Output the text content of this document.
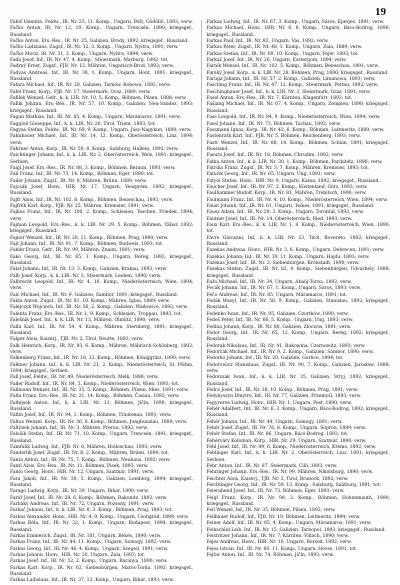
19

Fabiš Valentin, Feldw., IR. Nr. 23, 11. Komp., Ungarn, Pešt, Gödöllő, 1893; verw.

Fačko Anton, IR. Nr. 12, 10. Komp., Ungarn, Trencsén, 1890; kriegsgef., Russland.

Fačko Anton, Ers.-Res., IR. Nr. 25, Galizien, Brody, 1892; kriegsgef., Russland.

Fačko Ladislaus, Zugsf., IR. Nr. 12, 3. Komp., Ungarn, Nyitra, 1891; verw.

Fačko Moriz, IR. Nr. 31, 2. Komp., Ungarn, Nyitra, 1894; verw.

Faďa Josef, Inf., IR. Nr. 47, 4. Komp., Steiermark, Marburg, 1892; tot.

Fadrný Ernst, Zugsf., FJB. Nr. 12, Mähren, Ungarisch-Brod, 1893; verw.

Fadyas Andreas, Inf., IR. Nr. 38, 1. Komp., Ungarn, Hont, 1891; kriegsgef., Russland.

Fafara Michael, Inf., IR. Nr. 20, Galizien, Tarnów, Bobowa, 1892; verw.

Fafel Franz, Korp., FJB. Nr. 17, Steiermark, Graz, 1889; verw.

Fafilek Wenzel, Gefr., k. k. LIR. Nr. 10, 5. Komp., Böhmen, Pilsen, 1888; verw.

Faflik Johann, Ers.-Res., IR. Nr. 57, 10. Komp., Galizien, Neu-Sandez, 1893; kriegsgef., Russland.

Fagan Mathias, Inf., IR. Nr. 85, 4. Komp., Ungarn, Máramaros, 1891; verw.

Faggioli Giuseppe, Inf., k. k. LIR. Nr. 26, Tirol, Trient, 1893; tot.

Fagyas Stefan, Feldw., IR. Nr. 68, 9. Komp., Ungarn, Jász-Nagykun, 1890; verw.

Fahnbauer Michael, Inf., IR. Nr. 14, 12. Komp., Oberösterreich, Linz, 1894; verw.

Fahrner Anton, Korp., IR. Nr. 59, 6. Komp., Salzburg, Hallein, 1892; verw.

Faichtinger Johann, Inf., k. k. LIR. Nr. 2, Oberösterreich, Wels, 1891; kriegsgef., Serbien.

Faigl Josef, Ers.-Res., IR. Nr. 88, 3. Komp., Böhmen, Beraun, 1893; verw.

Fail Franz, Inf., IR. Nr. 73, 14. Komp., Böhmen, Eger, 1890; tot.

Failer Johann, Zugsf., IR. Nr. 8, Mähren, Brünn, 1889; verw.

Fajcsák Josef, Honv., HIR. Nr. 17, Ungarn, Veszprém, 1892; kriegsgef., Russland.

Fajfr Alois, Inf., IR. Nr. 102, 8. Komp., Böhmen, Beneschau, 1893; verw.

Fajfrlík Karl, Korp., FJB. Nr. 25, Mähren, Kremsier, 1891; verw.

Fajkus Franz, Inf., IR. Nr. 100, 2. Komp., Schlesien, Teschen, Friedek, 1894; verw.

Fajman Leopold, Ers.-Res., k. k. LIR. Nr. 29, 5. Komp., Böhmen, Tábor, 1892; kriegsgef., Russland.

Fajnor Wenzel, Inf., IR. Nr. 28, 11. Komp., Böhmen, Prag, 1890; verw.

Fajt Johann, Inf., IR. Nr. 91, 7. Komp., Böhmen, Budweis, 1893; tot.

Fakler Franz, Gefr., IR. Nr. 99, Mähren, Znaim, 1891; verw.

Fako Georg, Inf., IR. Nr. 65, 1. Komp., Ungarn, Bereg, 1892; kriegsgef., Russland.

Falat Johann, Inf., IR. Nr. 13, 3. Komp., Galizien, Krakau, 1893; verw.

Falb Josef, Korp., k. k. LIR. Nr. 3, Steiermark, Leoben, 1890; verw.

Falbrecht Leopold, Inf., IR. Nr. 4, 16. Komp., Niederösterreich, Wien, 1894; verw.

Falc Michael, Inf., IR. Nr. 9, Galizien, Sambor, 1891; kriegsgef., Russland.

Falda Anton, Zugsf., IR. Nr. 81, 10. Komp., Mähren, Iglau, 1889; verw.

Falejczyk Wojciech, Inf., IR. Nr. 56, 2. Komp., Galizien, Wadowice, 1892; verw.

Falenta Franz, Ers.-Res., IR. Nr. 1, 9. Komp., Schlesien, Troppau, 1893; tot.

Falešník Josef, Inf., k. k. LIR. Nr. 13, Mähren, Olmütz, 1890; verw.

Falfa Karl, Inf., IR. Nr. 54, 4. Komp., Mähren, Sternberg, 1891; kriegsgef., Russland.

Falger Alois, Kaiserj., TJR. Nr. 2, Tirol, Reutte, 1893; verw.

Falk Heinrich, Korp., IR. Nr. 93, 6. Komp., Mähren, Mährisch-Schönberg, 1892; verw.

Falkenberg Franz, Inf., IR. Nr. 18, 12. Komp., Böhmen, Königgrätz, 1890; verw.

Falkner Johann, Inf., k. k. LIR. Nr. 21, 2. Komp., Niederösterreich, St. Pölten, 1894; kriegsgef., Serbien.

Fall Josef, Feldw., IR. Nr. 49, Niederösterreich, Melk, 1888; verw.

Faller Rudolf, Inf., IR. Nr. 84, 3. Komp., Niederösterreich, Wien, 1893; tot.

Fallmann Wenzel, Inf., IR. Nr. 35, 5. Komp., Böhmen, Pilsen, Mies, 1891; verw.

Falta Franz, Ers.-Res., IR. Nr. 21, 14. Komp., Böhmen, Časlau, 1892; verw.

Faltejsek Anton, Inf., k. k. LIR. Nr. 11, Böhmen, Jičín, 1890; kriegsgef., Russland.

Faltin Josef, Inf., IR. Nr. 94, 1. Komp., Böhmen, Trautenau, 1893; verw.

Faltus Wenzel, Korp., IR. Nr. 36, 8. Komp., Böhmen, Jungbunzlau, 1889; verw.

Faltýnek Johann, Inf., IR. Nr. 3, Mähren, Prerau, 1892; verw.

Falušík Stefan, Inf., IR. Nr. 71, 10. Komp., Ungarn, Trencsén, 1891; kriegsgef., Russland.

Famfulík Ludwig, Inf., FJB. Nr. 6, Mähren, Holleschau, 1893; verw.

Fanderlik Josef, Zugsf., IR. Nr. 8, 2. Komp., Mähren, Brünn, 1890; tot.

Fanta Anton, Inf., IR. Nr. 75, 7. Komp., Böhmen, Neuhaus, 1892; verw.

Fantl Alois, Ers.-Res., IR. Nr. 11, Böhmen, Pisek, 1893; verw.

Fanto Georg, Honv., HIR. Nr. 12, Ungarn, Szatmár, 1891; verw.

Fara Jakob, Inf., IR. Nr. 30, 5. Komp., Galizien, Lemberg, 1894; kriegsgef., Russland.

Farago Ludwig, Korp., IR. Nr. 39, Ungarn, Bihar, 1890; verw.

Farář Josef, Inf., IR. Nr. 28, 6. Komp., Böhmen, Rakonitz, 1892; verw.

Farbaky Andreas, Inf., IR. Nr. 72, Ungarn, Pozsony, 1891; verw.

Farkač Johann, Inf., k. k. LIR. Nr. 8, 3. Komp., Böhmen, Prag, 1893; tot.

Farkas Alexander, Honv., HIR. Nr. 4, 9. Komp., Ungarn, Csongrád, 1889; verw.

Farkas Béla, Inf., IR. Nr. 32, 1. Komp., Ungarn, Budapest, 1894; kriegsgef., Russland.

Farkas Emmerich, Zugsf., IR. Nr. 101, Ungarn, Békés, 1890; verw.

Farkas Franz, Inf., IR. Nr. 44, 11. Komp., Ungarn, Somogy, 1892; verw.

Farkas Georg, Inf., IR. Nr. 46, 4. Komp., Ungarn, Szeged, 1891; verw.

Farkas Johann, Honv., HIR. Nr. 20, Ungarn, Zala, 1893; tot.

Farkas Josef, Inf., IR. Nr. 52, 2. Komp., Ungarn, Baranya, 1890; verw.

Farkas Karl, Korp., IR. Nr. 62, Siebenbürgen, Maros-Torda, 1892; kriegsgef., Russland.

Farkas Ladislaus, Inf., IR. Nr. 37, 13. Komp., Ungarn, Bihar, 1893; verw.

Farkas Ludwig, Inf., IR. Nr. 67, 3. Komp., Ungarn, Sáros, Eperjes, 1891; verw.

Farkas Michael, Honv., HIR. Nr. 6, 8. Komp., Ungarn, Bács-Bodrog, 1890; kriegsgef., Russland.

Farkas Paul, Inf., IR. Nr. 83, Ungarn, Vas, 1892; verw.

Farkas Peter, Zugsf., IR. Nr. 48, 1. Komp., Ungarn, Zala, 1889; verw.

Farkas Stefan, Inf., IR. Nr. 69, 10. Komp., Ungarn, Fejér, 1893; tot.

Farkaš Josef, Inf., IR. Nr. 26, Ungarn, Esztergom, 1894; verw.

Farník Wenzel, Inf., IR. Nr. 102, 5. Komp., Böhmen, Beneschau, 1891; verw.

Farský Josef, Korp., k. k. LIR. Nr. 28, Böhmen, Prag, 1890; kriegsgef., Russland.

Faruga Johann, Inf., IR. Nr. 57, 2. Komp., Galizien, Limanowa, 1893; verw.

Fasching Franz, Inf., IR. Nr. 47, 12. Komp., Steiermark, Pettau, 1892; verw.

Faschingbauer Josef, Inf., k. k. LIR. Nr. 3, Steiermark, Graz, 1891; verw.

Fasel Anton, Ers.-Res., IR. Nr. 7, Kärnten, Klagenfurt, 1893; tot.

Fašiang Michael, Inf., IR. Nr. 67, 4. Komp., Ungarn, Zemplén, 1890; kriegsgef., Russland.

Fass Leopold, Inf., IR. Nr. 84, 9. Komp., Niederösterreich, Wien, 1894; verw.

Fassl Johann, Inf., IR. Nr. 73, Böhmen, Tachau, 1892; verw.

Fassmann Ignaz, Korp., IR. Nr. 42, 6. Komp., Böhmen, Leitmeritz, 1889; verw.

Fastenrath Karl, Inf., FJB. Nr. 5, Böhmen, Reichenberg, 1893; verw.

Fastr Wenzel, Inf., IR. Nr. 88, 14. Komp., Böhmen, Schlan, 1891; kriegsgef., Russland.

Fasura Josef, Inf., IR. Nr. 18, Böhmen, Chrudim, 1892; verw.

Fatka Anton, Inf., k. k. LIR. Nr. 30, 1. Komp., Böhmen, Pardubitz, 1890; verw.

Fatrdla Franz, Zugsf., IR. Nr. 3, 7. Komp., Mähren, Kremsier, 1893; tot.

Faturik Georg, Inf., IR. Nr. 65, Ungarn, Ung, 1891; verw.

Fatyol Stefan, Honv., HIR. Nr. 9, Ungarn, Kassa, 1892; kriegsgef., Russland.

Faucher Josef, Inf., IR. Nr. 97, 2. Komp., Küstenland, Görz, 1893; verw.

Faulhammer Rudolf, Korp., IR. Nr. 81, Mähren, Trebitsch, 1890; verw.

Faulmann Franz, Inf., IR. Nr. 4, 10. Komp., Niederösterreich, Wien, 1894; verw.

Faust Johann, Inf., IR. Nr. 61, Ungarn, Temes, 1891; kriegsgef., Russland.

Fausz Adam, Inf., IR. Nr. 29, 3. Komp., Ungarn, Torontál, 1892; verw.

Fautner Josef, Inf., IR. Nr. 14, Oberösterreich, Ried, 1893; verw.

Faux Karl, Ers.-Res., k. k. LIR. Nr. 1, 8. Komp., Niederösterreich, Wien, 1890; tot.

Favre Giovanni, Inf., k. k. LIR. Nr. 23, Tirol, Rovereto, 1892; kriegsgef., Russland.

Fazekas Andreas, Honv., HIR. Nr. 3, 6. Komp., Ungarn, Debrecen, 1891; verw.

Fazekas Johann, Inf., IR. Nr. 39, 11. Komp., Ungarn, Hajdú, 1893; verw.

Fazekas Josef, Inf., IR. Nr. 2, Siebenbürgen, Kronstadt, 1890; verw.

Fazekas Stefan, Zugsf., IR. Nr. 82, 4. Komp., Siebenbürgen, Udvarhely, 1889; kriegsgef., Russland.

Fažo Michael, Inf., IR. Nr. 34, Ungarn, Abaúj-Torna, 1892; verw.

Fecák Johann, Inf., IR. Nr. 67, 1. Komp., Ungarn, Sáros, 1893; verw.

Fečo Andreas, Inf., IR. Nr. 85, Ungarn, Máramaros, 1891; tot.

Fedák Wasyl, Inf., IR. Nr. 58, 9. Komp., Galizien, Stanislau, 1892; kriegsgef., Russland.

Fedenko Iwan, Inf., IR. Nr. 95, Galizien, Czortków, 1890; verw.

Fedeš Peter, Inf., IR. Nr. 66, 5. Komp., Ungarn, Ung, 1893; verw.

Fedina Johann, Korp., IR. Nr. 80, Galizien, Złoczów, 1891; verw.

Fedor Georg, Inf., IR. Nr. 65, 12. Komp., Ungarn, Bereg, 1892; kriegsgef., Russland.

Fedorak Nikolaus, Inf., IR. Nr. 41, Bukowina, Czernowitz, 1893; verw.

Fedorčák Michael, Inf., IR. Nr. 9, 2. Komp., Galizien, Sambor, 1890; verw.

Fedorko Johann, Inf., IR. Nr. 20, Galizien, Gorlice, 1894; tot.

Fedorowicz Stanislaus, Zugsf., IR. Nr. 90, 7. Komp., Galizien, Jarosław, 1889; verw.

Fedorszak Iwan, Inf., k. k. LIR. Nr. 35, Galizien, Stryj, 1892; kriegsgef., Russland.

Fedra Josef, Inf., IR. Nr. 28, 10. Komp., Böhmen, Prag, 1891; verw.

Fedynyszyn Dmytro, Inf., IR. Nr. 77, Galizien, Przemyśl, 1893; verw.

Fegyveres Ludwig, Honv., HIR. Nr. 1, Ungarn, Pest, 1890; verw.

Fehér Adalbert, Inf., IR. Nr. 6, 3. Komp., Ungarn, Bács-Bodrog, 1892; kriegsgef., Russland.

Fehér Johann, Inf., IR. Nr. 44, Ungarn, Somogy, 1891; verw.

Fehér Josef, Zugsf., IR. Nr. 76, 8. Komp., Ungarn, Sopron, 1889; verw.

Fehér Stefan, Inf., IR. Nr. 86, Ungarn, Bács-Bodrog, 1893; tot.

Fehérváry Koloman, Korp., HIR. Nr. 29, Ungarn, Szatmár, 1890; verw.

Fehl Josef, Inf., IR. Nr. 49, 6. Komp., Niederösterreich, Krems, 1892; verw.

Fehlinger Karl, Inf., k. k. LIR. Nr. 2, Oberösterreich, Linz, 1891; kriegsgef., Serbien.

Fehr Anton, Inf., IR. Nr. 87, Steiermark, Cilli, 1893; verw.

Fehringer Johann, Ers.-Res., IR. Nr. 99, Mähren, Nikolsburg, 1890; verw.

Feichter Alois, Kaiserj., TJR. Nr. 3, Tirol, Bruneck, 1892; verw.

Feichtinger Georg, Inf., IR. Nr. 59, 13. Komp., Salzburg, Salzburg, 1891; tot.

Feierabend Josef, Inf., IR. Nr. 73, Böhmen, Eger, 1893; verw.

Feigl Franz, Korp., IR. Nr. 98, 2. Komp., Böhmen, Hohenmauth, 1890; kriegsgef., Russland.

Feil Wenzel, Inf., IR. Nr. 35, Böhmen, Pilsen, 1892; verw.

Feilhauer Rudolf, Inf., FJB. Nr. 19, Böhmen, Leitmeritz, 1894; verw.

Feiner Adolf, Inf., IR. Nr. 85, 4. Komp., Ungarn, Máramaros, 1891; verw.

Feinschild Leib, Inf., IR. Nr. 15, Galizien, Tarnopol, 1893; kriegsgef., Russland.

Feistritzer Johann, Inf., IR. Nr. 7, Kärnten, Villach, 1890; verw.

Fejes Andreas, Honv., HIR. Nr. 10, Ungarn, Borsod, 1892; verw.

Fejes István, Inf., IR. Nr. 60, 11. Komp., Ungarn, Heves, 1891; tot.

Fejfar Anton, Inf., IR. Nr. 74, Böhmen, Jičín, 1893; verw.
